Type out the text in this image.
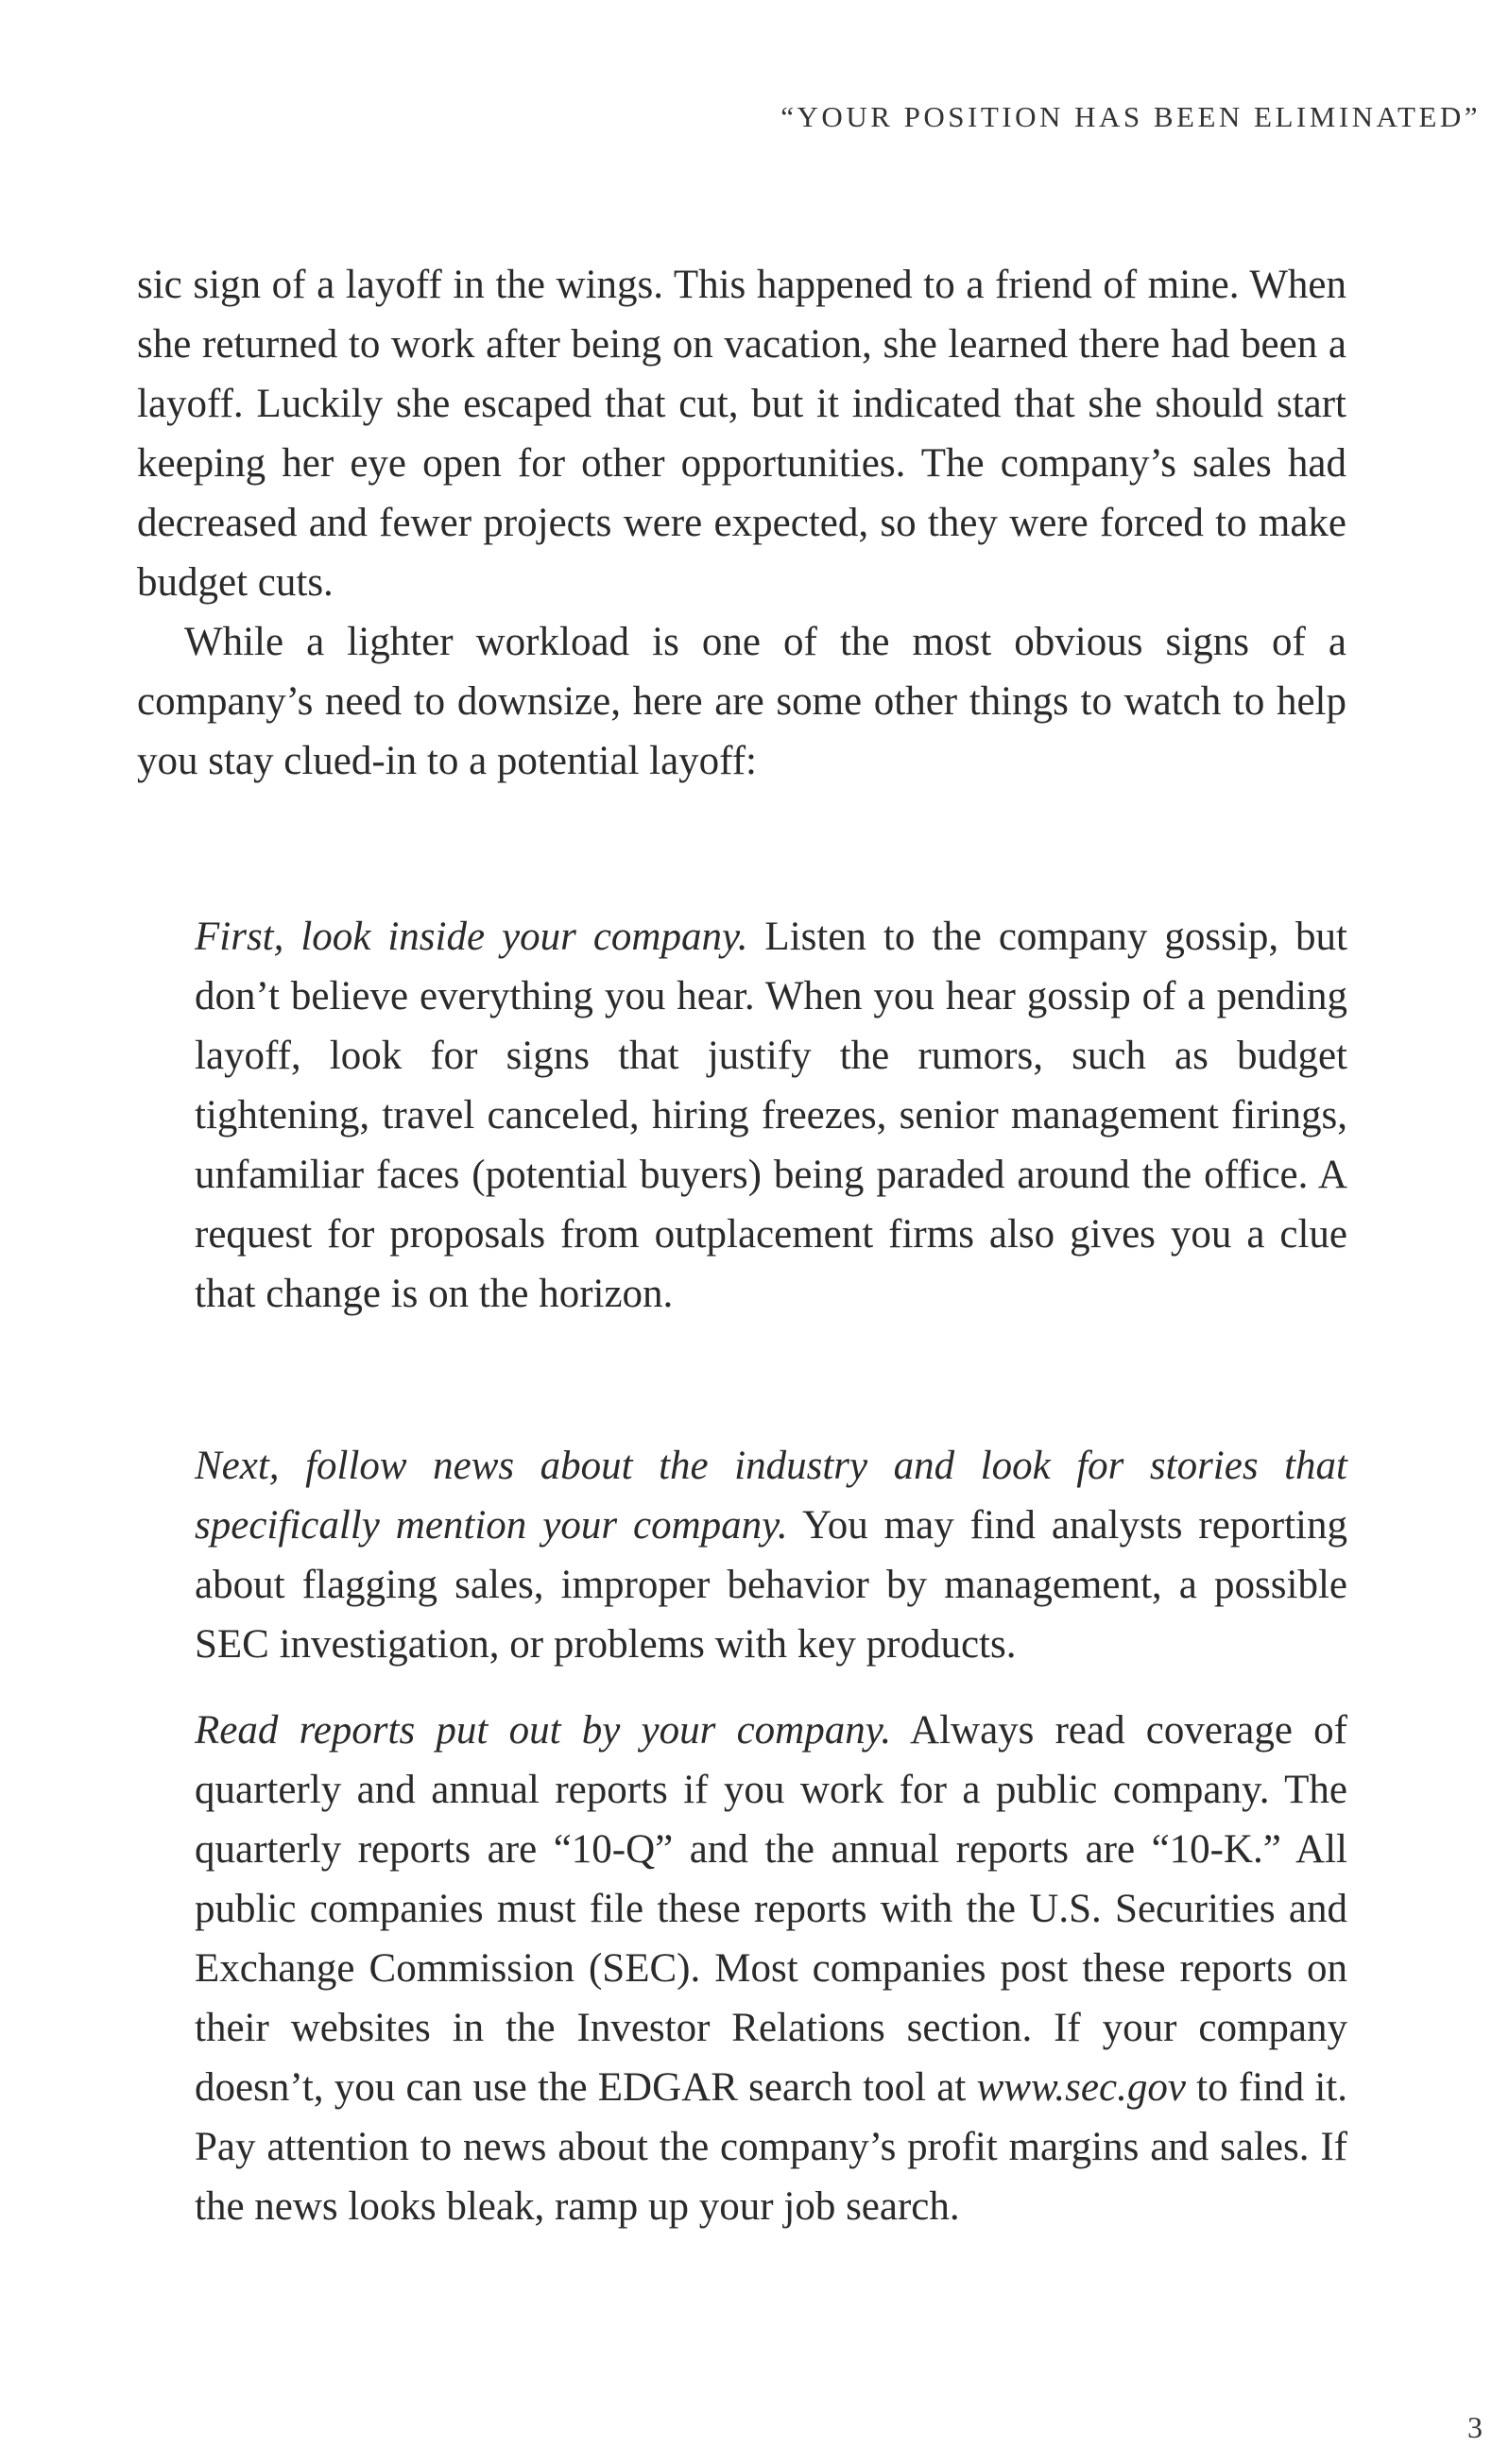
“YOUR POSITION HAS BEEN ELIMINATED”

sic sign of a layoff in the wings. This happened to a friend of mine. When she returned to work after being on vacation, she learned there had been a layoff. Luckily she escaped that cut, but it indicated that she should start keeping her eye open for other opportunities. The company’s sales had decreased and fewer projects were expected, so they were forced to make budget cuts.

While a lighter workload is one of the most obvious signs of a company’s need to downsize, here are some other things to watch to help you stay clued-in to a potential layoff:

First, look inside your company. Listen to the company gossip, but don’t believe everything you hear. When you hear gossip of a pending layoff, look for signs that justify the rumors, such as budget tightening, travel canceled, hiring freezes, senior management firings, unfamiliar faces (potential buyers) being paraded around the office. A request for proposals from outplacement firms also gives you a clue that change is on the horizon.
Next, follow news about the industry and look for stories that specifically mention your company. You may find analysts reporting about flagging sales, improper behavior by management, a possible SEC investigation, or problems with key products.
Read reports put out by your company. Always read coverage of quarterly and annual reports if you work for a public company. The quarterly reports are “10-Q” and the annual reports are “10-K.” All public companies must file these reports with the U.S. Securities and Exchange Commission (SEC). Most companies post these reports on their websites in the Investor Relations section. If your company doesn’t, you can use the EDGAR search tool at www.sec.gov to find it. Pay attention to news about the company’s profit margins and sales. If the news looks bleak, ramp up your job search.
3
